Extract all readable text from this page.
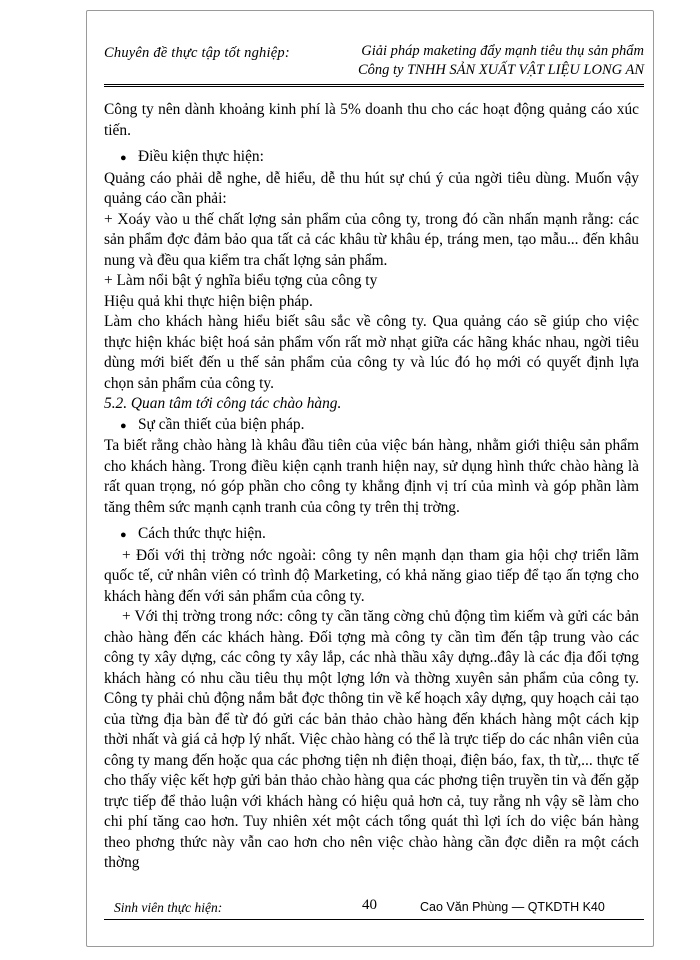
Chuyên đề thực tập tốt nghiệp:	Giải pháp maketing đẩy mạnh tiêu thụ sản phẩm
Công ty TNHH SẢN XUẤT VẬT LIỆU LONG AN

Công ty nên dành khoảng kinh phí là 5% doanh thu cho các hoạt động quảng cáo xúc tiến.

● Điều kiện thực hiện:

Quảng cáo phải dễ nghe, dễ hiểu, dễ thu hút sự chú ý của ngời tiêu dùng. Muốn vậy quảng cáo cần phải:

+ Xoáy vào u thế chất lợng sản phẩm của công ty, trong đó cần nhấn mạnh rằng: các sản phẩm đợc đảm bảo qua tất cả các khâu từ khâu ép, tráng men, tạo mẫu... đến khâu nung và đều qua kiểm tra chất lợng sản phẩm.

+ Làm nổi bật ý nghĩa biểu tợng của công ty

Hiệu quả khi thực hiện biện pháp.

Làm cho khách hàng hiểu biết sâu sắc về công ty. Qua quảng cáo sẽ giúp cho việc thực hiện khác biệt hoá sản phẩm vốn rất mờ nhạt giữa các hãng khác nhau, ngời tiêu dùng mới biết đến u thế sản phẩm của công ty và lúc đó họ mới có quyết định lựa chọn sản phẩm của công ty.

5.2. Quan tâm tới công tác chào hàng.

● Sự cần thiết của biện pháp.

Ta biết rằng chào hàng là khâu đầu tiên của việc bán hàng, nhằm giới thiệu sản phẩm cho khách hàng. Trong điều kiện cạnh tranh hiện nay, sử dụng hình thức chào hàng là rất quan trọng, nó góp phần cho công ty khẳng định vị trí của mình và góp phần làm tăng thêm sức mạnh cạnh tranh của công ty trên thị trờng.

● Cách thức thực hiện.

+ Đối với thị trờng nớc ngoài: công ty nên mạnh dạn tham gia hội chợ triển lãm quốc tế, cử nhân viên có trình độ Marketing, có khả năng giao tiếp để tạo ấn tợng cho khách hàng đến với sản phẩm của công ty.

+ Với thị trờng trong nớc: công ty cần tăng cờng chủ động tìm kiếm và gửi các bản chào hàng đến các khách hàng. Đối tợng mà công ty cần tìm đến tập trung vào các công ty xây dựng, các công ty xây lắp, các nhà thầu xây dựng..đây là các địa đối tợng khách hàng có nhu cầu tiêu thụ một lợng lớn và thờng xuyên sản phẩm của công ty. Công ty phải chủ động nắm bắt đợc thông tin về kế hoạch xây dựng, quy hoạch cải tạo của từng địa bàn để từ đó gửi các bản thảo chào hàng đến khách hàng một cách kịp thời nhất và giá cả hợp lý nhất. Việc chào hàng có thể là trực tiếp do các nhân viên của công ty mang đến hoặc qua các phơng tiện nh điện thoại, điện báo, fax, th từ,... thực tế cho thấy việc kết hợp gửi bản thảo chào hàng qua các phơng tiện truyền tin và đến gặp trực tiếp để thảo luận với khách hàng có hiệu quả hơn cả, tuy rằng nh vậy sẽ làm cho chi phí tăng cao hơn. Tuy nhiên xét một cách tổng quát thì lợi ích do việc bán hàng theo phơng thức này vẫn cao hơn cho nên việc chào hàng cần đợc diễn ra một cách thờng

Sinh viên thực hiện:	40	Cao Văn Phùng — QTKDTH K40
